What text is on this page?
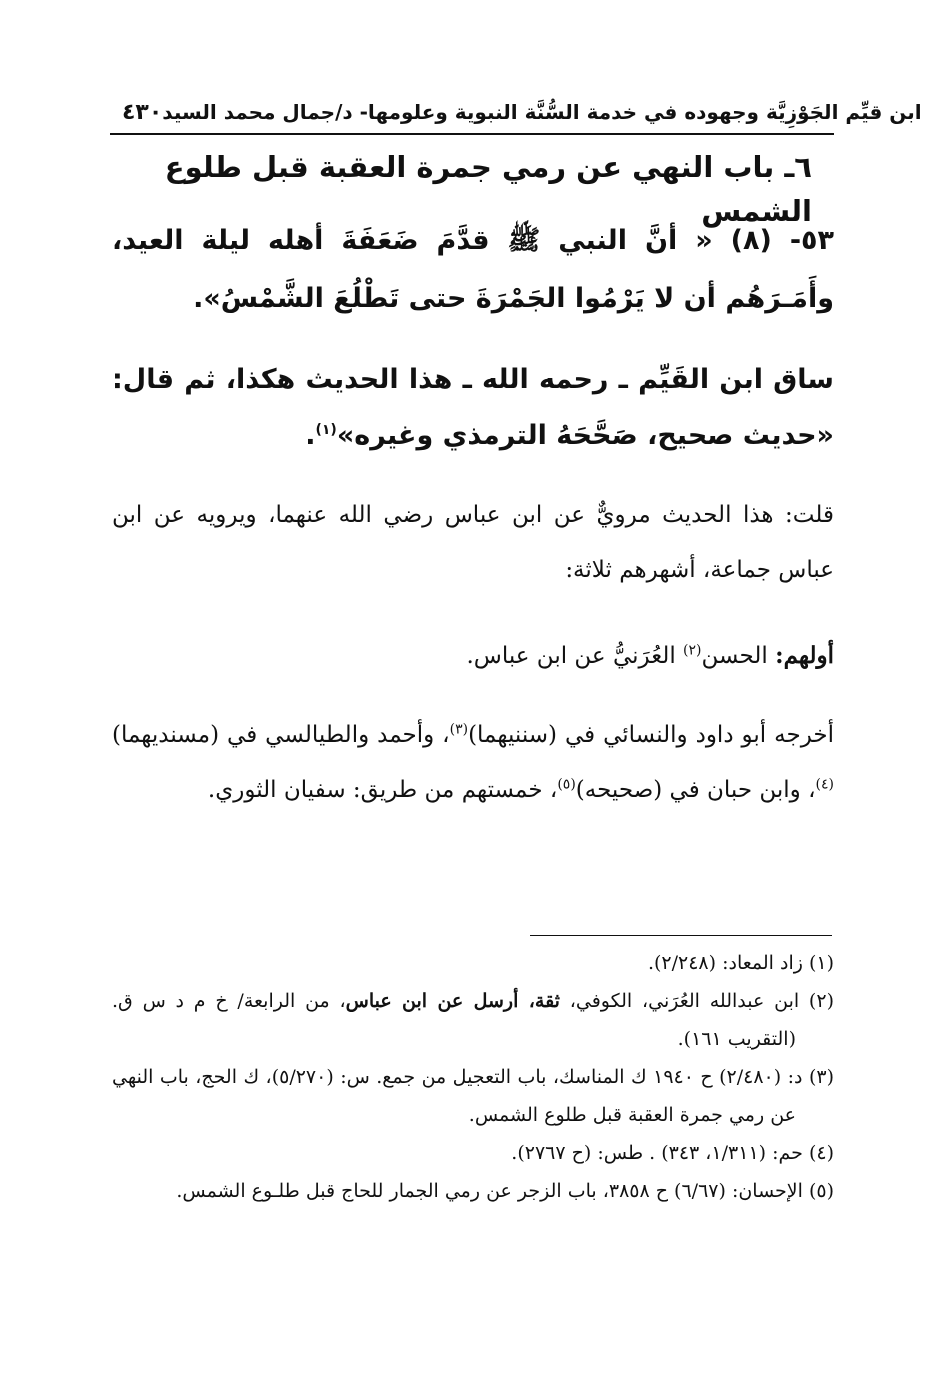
٤٣٠ ابن قيِّم الجَوْزِيَّة وجهوده في خدمة السُّنَّة النبوية وعلومها- د/جمال محمد السيد
٦ـ باب النهي عن رمي جمرة العقبة قبل طلوع الشمس
٥٣- (٨) « أنَّ النبي ﷺ قدَّمَ ضَعَفَةَ أهله ليلة العيد، وأَمَـرَهُم أن لا يَرْمُوا الجَمْرَةَ حتى تَطْلُعَ الشَّمْسُ».
ساق ابن القَيِّم ـ رحمه الله ـ هذا الحديث هكذا، ثم قال: «حديث صحيح، صَحَّحَهُ الترمذي وغيره»$^{(١)}$.
قلت: هذا الحديث مرويٌّ عن ابن عباس رضي الله عنهما، ويرويه عن ابن عباس جماعة، أشهرهم ثلاثة:
أولهم: الحسن$^{(٢)}$ العُرَنيُّ عن ابن عباس.
أخرجه أبو داود والنسائي في (سننيهما)$^{(٣)}$، وأحمد والطيالسي في (مسنديهما)$^{(٤)}$، وابن حبان في (صحيحه)$^{(٥)}$، خمستهم من طريق: سفيان الثوري.

(١) زاد المعاد: (٢/٢٤٨).

(٢) ابن عبدالله العُرَني، الكوفي، ثقة، أرسل عن ابن عباس، من الرابعة/ خ م د س ق. (التقريب ١٦١).

(٣) د: (٢/٤٨٠) ح ١٩٤٠ ك المناسك، باب التعجيل من جمع. س: (٥/٢٧٠)، ك الحج، باب النهي عن رمي جمرة العقبة قبل طلوع الشمس.

(٤) حم: (١/٣١١، ٣٤٣) . طس: (ح ٢٧٦٧).

(٥) الإحسان: (٦/٦٧) ح ٣٨٥٨، باب الزجر عن رمي الجمار للحاج قبل طلـوع الشمس.
